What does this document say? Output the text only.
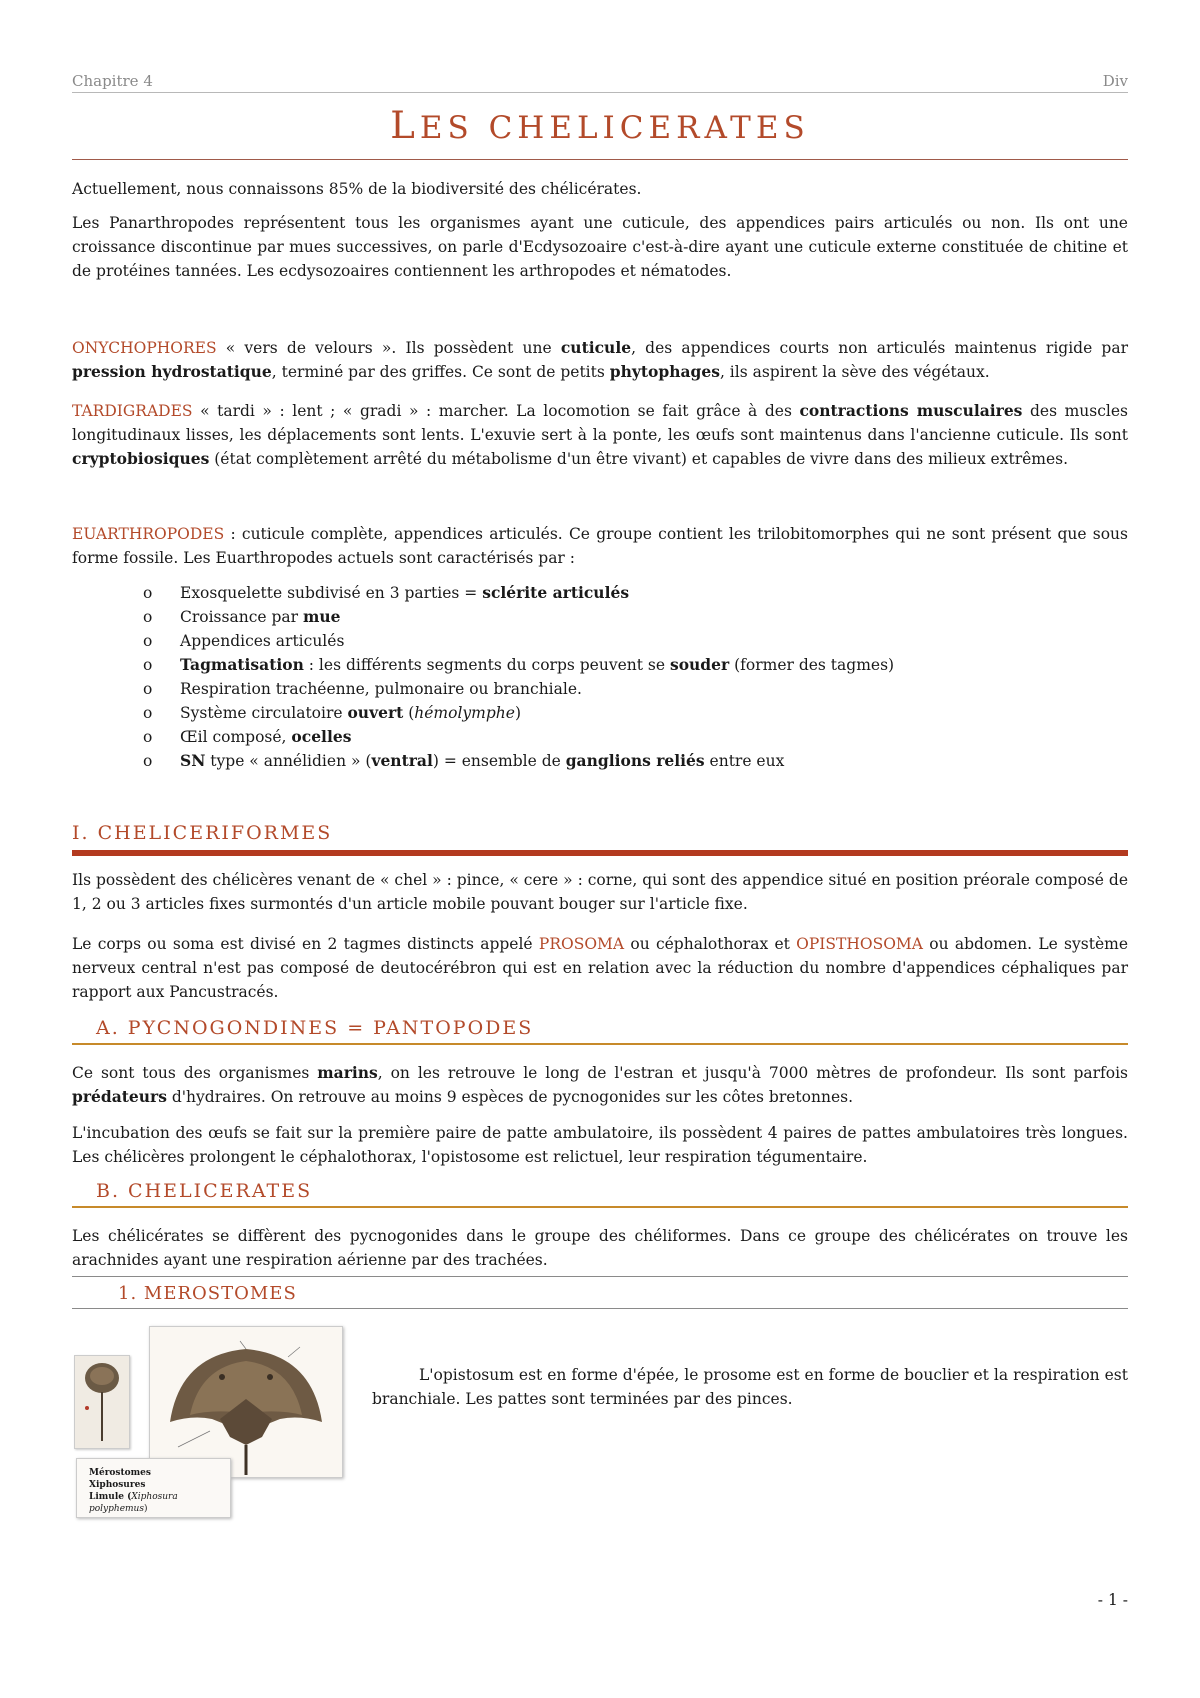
Chapitre 4	Div
LES CHELICERATES
Actuellement, nous connaissons 85% de la biodiversité des chélicérates.
Les Panarthropodes représentent tous les organismes ayant une cuticule, des appendices pairs articulés ou non. Ils ont une croissance discontinue par mues successives, on parle d'Ecdysozoaire c'est-à-dire ayant une cuticule externe constituée de chitine et de protéines tannées. Les ecdysozoaires contiennent les arthropodes et nématodes.
ONYCHOPHORES « vers de velours ». Ils possèdent une cuticule, des appendices courts non articulés maintenus rigide par pression hydrostatique, terminé par des griffes. Ce sont de petits phytophages, ils aspirent la sève des végétaux.
TARDIGRADES « tardi » : lent ; « gradi » : marcher. La locomotion se fait grâce à des contractions musculaires des muscles longitudinaux lisses, les déplacements sont lents. L'exuvie sert à la ponte, les œufs sont maintenus dans l'ancienne cuticule. Ils sont cryptobiosiques (état complètement arrêté du métabolisme d'un être vivant) et capables de vivre dans des milieux extrêmes.
EUARTHROPODES : cuticule complète, appendices articulés. Ce groupe contient les trilobitomorphes qui ne sont présent que sous forme fossile. Les Euarthropodes actuels sont caractérisés par :
o Exosquelette subdivisé en 3 parties = sclérite articulés
o Croissance par mue
o Appendices articulés
o Tagmatisation : les différents segments du corps peuvent se souder (former des tagmes)
o Respiration trachéenne, pulmonaire ou branchiale.
o Système circulatoire ouvert (hémolymphe)
o Œil composé, ocelles
o SN type « annélidien » (ventral) = ensemble de ganglions reliés entre eux
I. CHELICERIFORMES
Ils possèdent des chélicères venant de « chel » : pince, « cere » : corne, qui sont des appendice situé en position préorale composé de 1, 2 ou 3 articles fixes surmontés d'un article mobile pouvant bouger sur l'article fixe.
Le corps ou soma est divisé en 2 tagmes distincts appelé PROSOMA ou céphalothorax et OPISTHOSOMA ou abdomen. Le système nerveux central n'est pas composé de deutocérébron qui est en relation avec la réduction du nombre d'appendices céphaliques par rapport aux Pancustracés.
A. PYCNOGONDINES = PANTOPODES
Ce sont tous des organismes marins, on les retrouve le long de l'estran et jusqu'à 7000 mètres de profondeur. Ils sont parfois prédateurs d'hydraires. On retrouve au moins 9 espèces de pycnogonides sur les côtes bretonnes.
L'incubation des œufs se fait sur la première paire de patte ambulatoire, ils possèdent 4 paires de pattes ambulatoires très longues. Les chélicères prolongent le céphalothorax, l'opistosome est relictuel, leur respiration tégumentaire.
B. CHELICERATES
Les chélicérates se diffèrent des pycnogonides dans le groupe des chéliformes. Dans ce groupe des chélicérates on trouve les arachnides ayant une respiration aérienne par des trachées.
1. MEROSTOMES
Mérostomes
Xiphosures
Limule (Xiphosura polyphemus)
L'opistosum est en forme d'épée, le prosome est en forme de bouclier et la respiration est branchiale. Les pattes sont terminées par des pinces.
- 1 -
